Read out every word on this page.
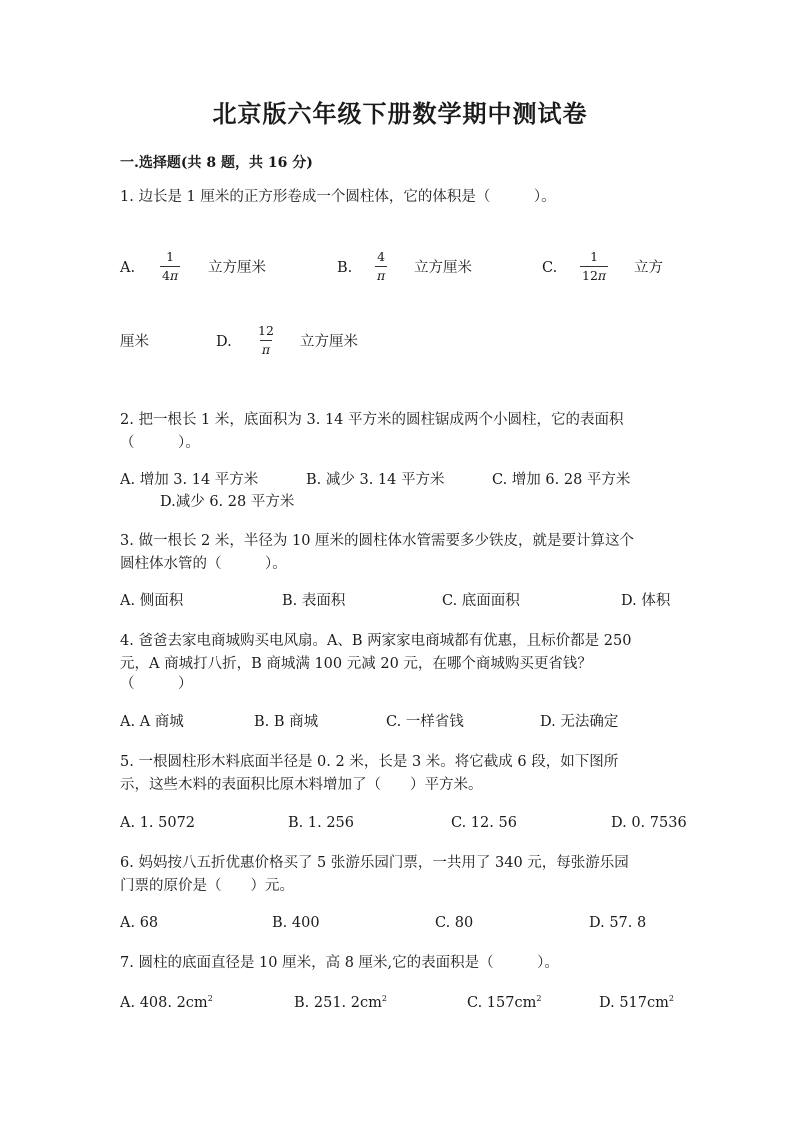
北京版六年级下册数学期中测试卷
一.选择题(共 8 题，共 16 分)
1. 边长是 1 厘米的正方形卷成一个圆柱体，它的体积是（　　　）。
A. $\frac{1}{4\pi}$ 立方厘米	B. $\frac{4}{\pi}$ 立方厘米	C. $\frac{1}{12\pi}$ 立方
厘米	D. $\frac{12}{\pi}$ 立方厘米
2. 把一根长 1 米，底面积为 3. 14 平方米的圆柱锯成两个小圆柱，它的表面积
（　　　）。
A. 增加 3. 14 平方米	B. 减少 3. 14 平方米	C. 增加 6. 28 平方米
D.减少 6. 28 平方米
3. 做一根长 2 米，半径为 10 厘米的圆柱体水管需要多少铁皮，就是要计算这个
圆柱体水管的（　　　）。
A. 侧面积	B. 表面积	C. 底面面积	D. 体积
4. 爸爸去家电商城购买电风扇。A、B 两家家电商城都有优惠，且标价都是 250
元，A 商城打八折，B 商城满 100 元减 20 元，在哪个商城购买更省钱？
（　　　）
A. A 商城	B. B 商城	C. 一样省钱	D. 无法确定
5. 一根圆柱形木料底面半径是 0. 2 米，长是 3 米。将它截成 6 段，如下图所
示，这些木料的表面积比原木料增加了（　　）平方米。
A. 1. 5072	B. 1. 256	C. 12. 56	D. 0. 7536
6. 妈妈按八五折优惠价格买了 5 张游乐园门票，一共用了 340 元，每张游乐园
门票的原价是（　　）元。
A. 68	B. 400	C. 80	D. 57. 8
7. 圆柱的底面直径是 10 厘米，高 8 厘米,它的表面积是（　　　）。
A. 408. $2cm^2$	B. 251. $2cm^2$	C. $157cm^2$	D. $517cm^2$
